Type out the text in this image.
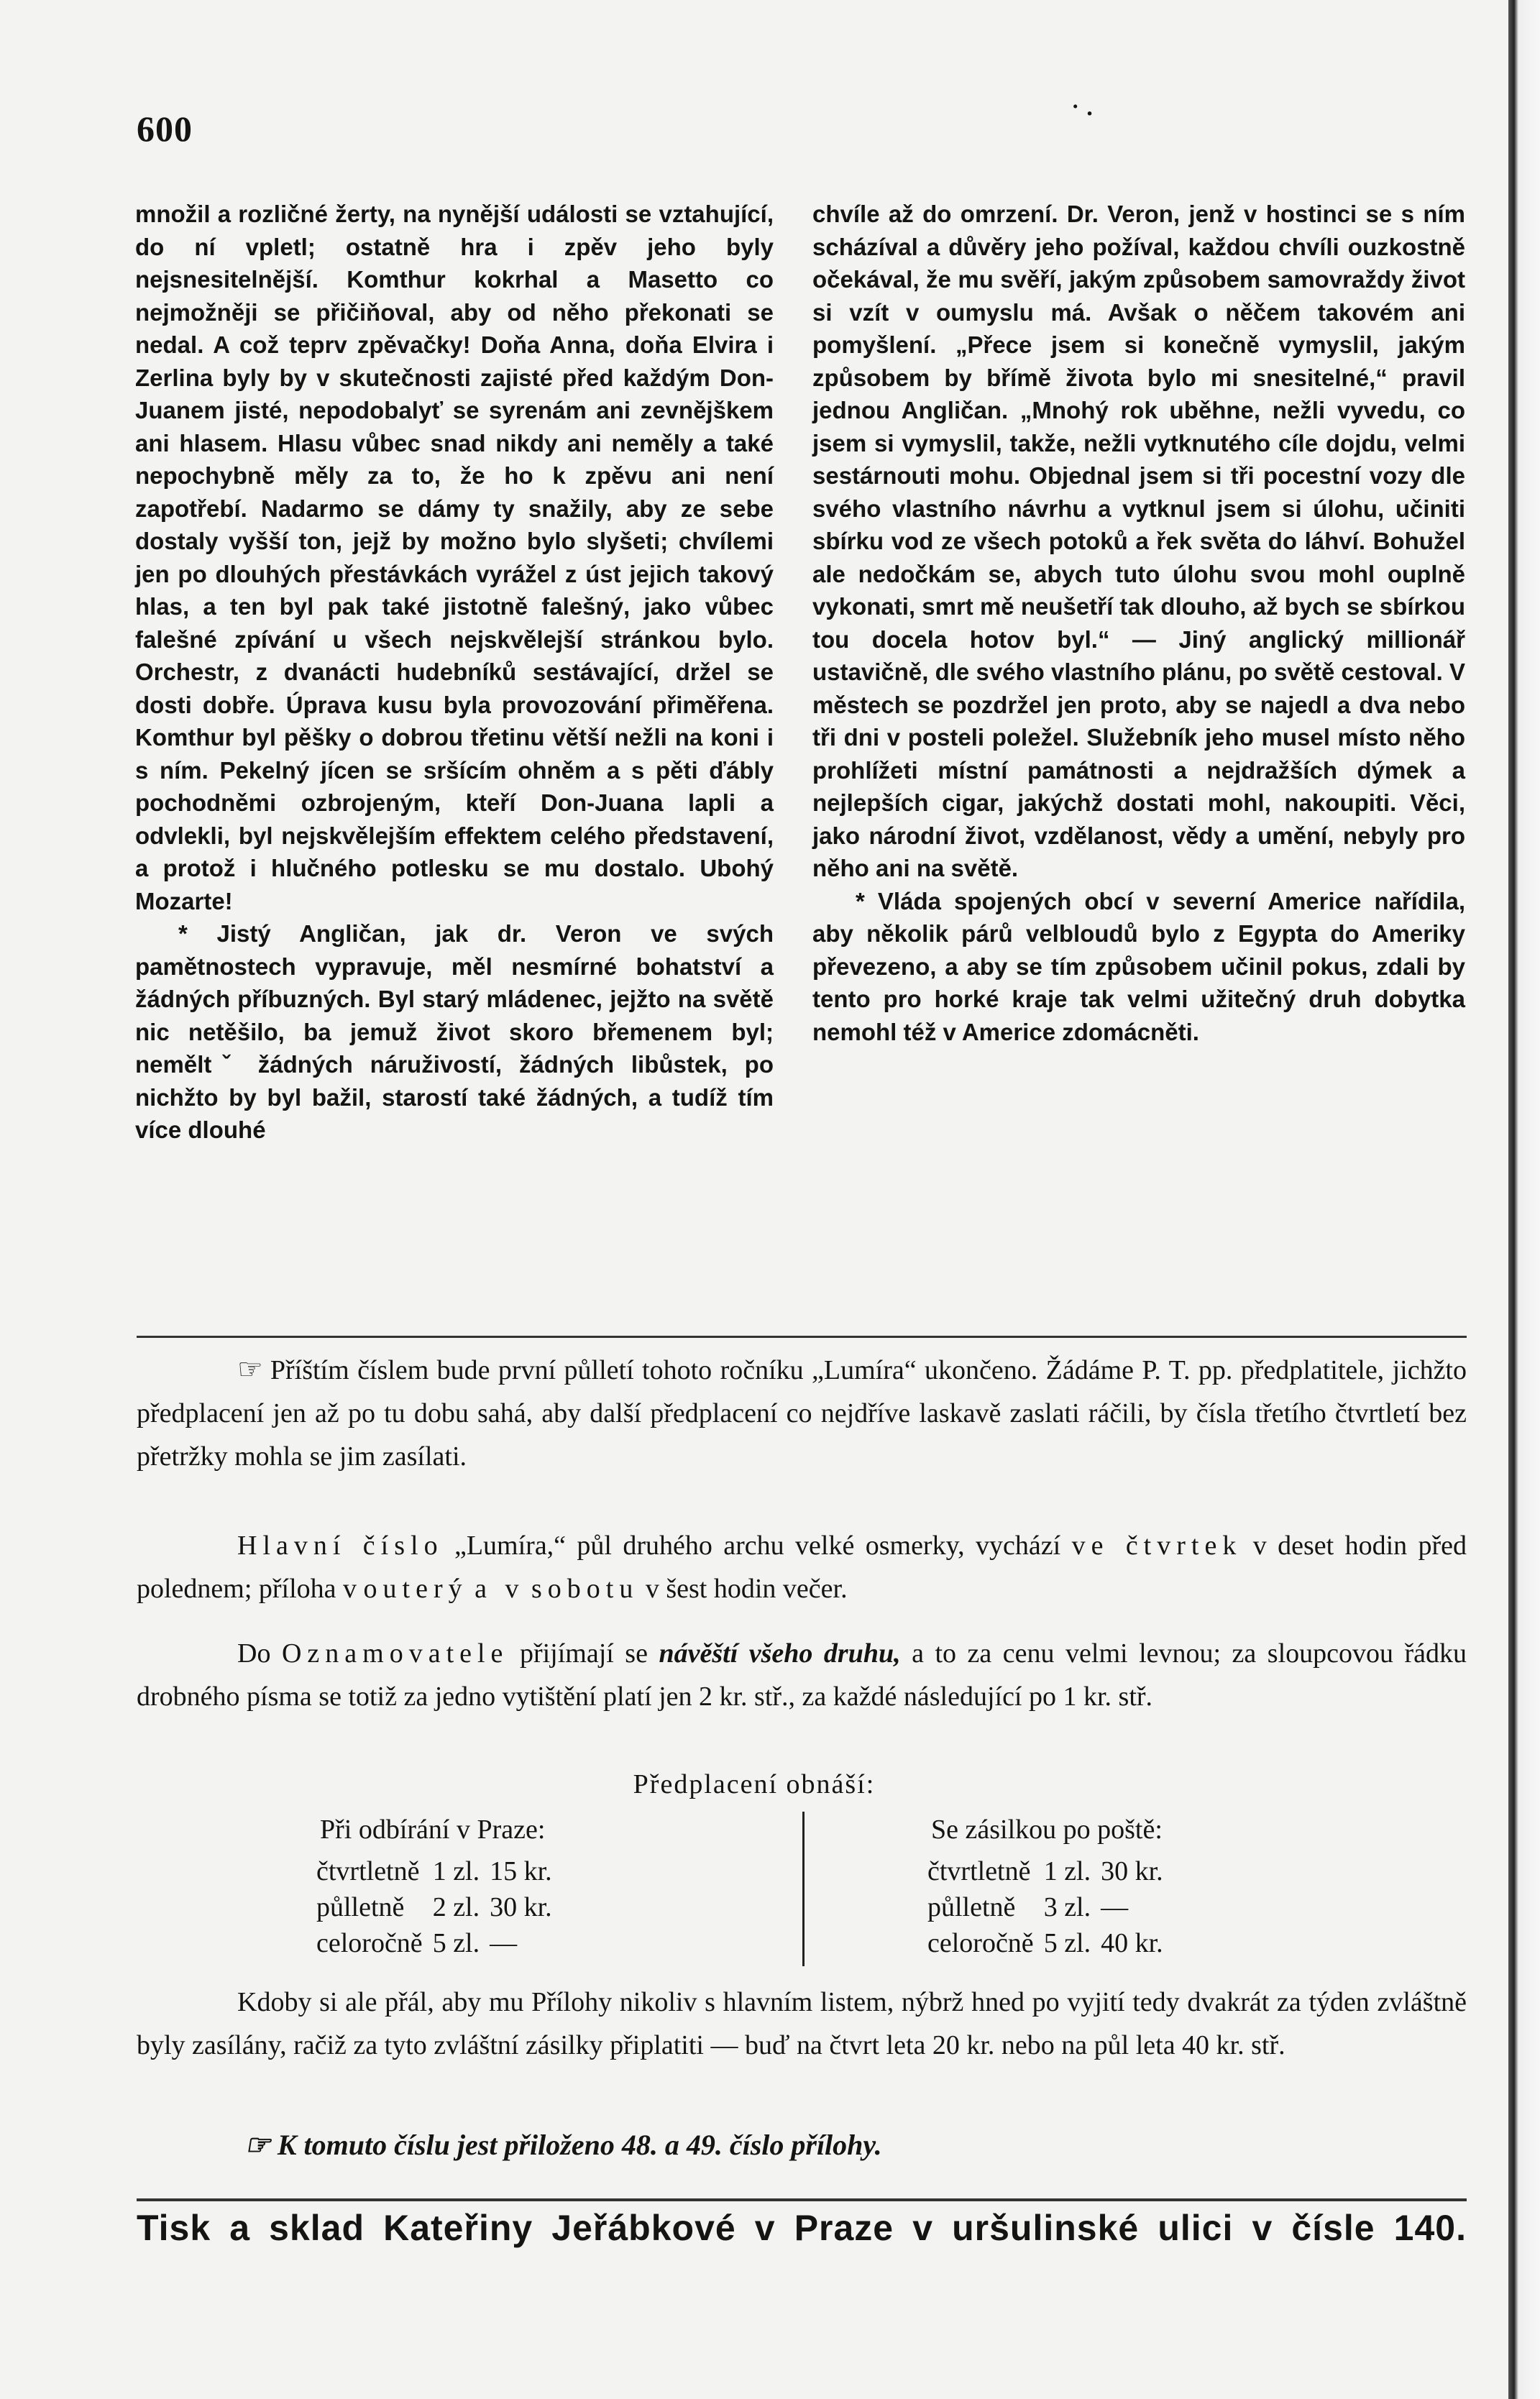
600	˙ ·

množil a rozličné žerty, na nynější události se vztahující, do ní vpletl; ostatně hra i zpěv jeho byly nejsnesitelnější. Komthur kokrhal a Masetto co nejmožněji se přičiňoval, aby od něho překonati se nedal. A což teprv zpěvačky! Doňa Anna, doňa Elvira i Zerlina byly by v skutečnosti zajisté před každým Don-Juanem jisté, nepodobalyť se syrenám ani zevnějškem ani hlasem. Hlasu vůbec snad nikdy ani neměly a také nepochybně měly za to, že ho k zpěvu ani není zapotřebí. Nadarmo se dámy ty snažily, aby ze sebe dostaly vyšší ton, jejž by možno bylo slyšeti; chvílemi jen po dlouhých přestávkách vyrážel z úst jejich takový hlas, a ten byl pak také jistotně falešný, jako vůbec falešné zpívání u všech nejskvělejší stránkou bylo. Orchestr, z dvanácti hudebníků sestávající, držel se dosti dobře. Úprava kusu byla provozování přiměřena. Komthur byl pěšky o dobrou třetinu větší nežli na koni i s ním. Pekelný jícen se sršícím ohněm a s pěti ďábly pochodněmi ozbrojeným, kteří Don-Juana lapli a odvlekli, byl nejskvělejším effektem celého představení, a protož i hlučného potlesku se mu dostalo. Ubohý Mozarte!

* Jistý Angličan, jak dr. Veron ve svých pamětnostech vypravuje, měl nesmírné bohatství a žádných příbuzných. Byl starý mládenec, jejžto na světě nic netěšilo, ba jemuž život skoro břemenem byl; neměltˇ žádných náruživostí, žádných libůstek, po nichžto by byl bažil, starostí také žádných, a tudíž tím více dlouhé

chvíle až do omrzení. Dr. Veron, jenž v hostinci se s ním scházíval a důvěry jeho požíval, každou chvíli ouzkostně očekával, že mu svěří, jakým způsobem samovraždy život si vzít v oumyslu má. Avšak o něčem takovém ani pomyšlení. „Přece jsem si konečně vymyslil, jakým způsobem by břímě života bylo mi snesitelné,“ pravil jednou Angličan. „Mnohý rok uběhne, nežli vyvedu, co jsem si vymyslil, takže, nežli vytknutého cíle dojdu, velmi sestárnouti mohu. Objednal jsem si tři pocestní vozy dle svého vlastního návrhu a vytknul jsem si úlohu, učiniti sbírku vod ze všech potoků a řek světa do láhví. Bohužel ale nedočkám se, abych tuto úlohu svou mohl ouplně vykonati, smrt mě neušetří tak dlouho, až bych se sbírkou tou docela hotov byl.“ — Jiný anglický millionář ustavičně, dle svého vlastního plánu, po světě cestoval. V městech se pozdržel jen proto, aby se najedl a dva nebo tři dni v posteli poležel. Služebník jeho musel místo něho prohlížeti místní památnosti a nejdražších dýmek a nejlepších cigar, jakýchž dostati mohl, nakoupiti. Věci, jako národní život, vzdělanost, vědy a umění, nebyly pro něho ani na světě.

* Vláda spojených obcí v severní Americe nařídila, aby několik párů velbloudů bylo z Egypta do Ameriky převezeno, a aby se tím způsobem učinil pokus, zdali by tento pro horké kraje tak velmi užitečný druh dobytka nemohl též v Americe zdomácněti.

☞ Příštím číslem bude první půlletí tohoto ročníku „Lumíra“ ukončeno. Žádáme P. T. pp. předplatitele, jichžto předplacení jen až po tu dobu sahá, aby další předplacení co nejdříve laskavě zaslati ráčili, by čísla třetího čtvrtletí bez přetržky mohla se jim zasílati.

Hlavní číslo „Lumíra,“ půl druhého archu velké osmerky, vychází ve čtvrtek v deset hodin před polednem; příloha v outerý a v sobotu v šest hodin večer.

Do Oznamovatele přijímají se návěští všeho druhu, a to za cenu velmi levnou; za sloupcovou řádku drobného písma se totiž za jedno vytištění platí jen 2 kr. stř., za každé následující po 1 kr. stř.

Předplacení obnáší:
Při odbírání v Praze:
čtvrtletně	1 zl.	15 kr.
půlletně	2 zl.	30 kr.
celoročně	5 zl.	—
Se zásilkou po poště:
čtvrtletně	1 zl.	30 kr.
půlletně	3 zl.	—
celoročně	5 zl.	40 kr.

Kdoby si ale přál, aby mu Přílohy nikoliv s hlavním listem, nýbrž hned po vyjití tedy dvakrát za týden zvláštně byly zasílány, račiž za tyto zvláštní zásilky připlatiti — buď na čtvrt leta 20 kr. nebo na půl leta 40 kr. stř.

☞ K tomuto číslu jest přiloženo 48. a 49. číslo přílohy.
Tisk a sklad Kateřiny Jeřábkové v Praze v uršulinské ulici v čísle 140.
